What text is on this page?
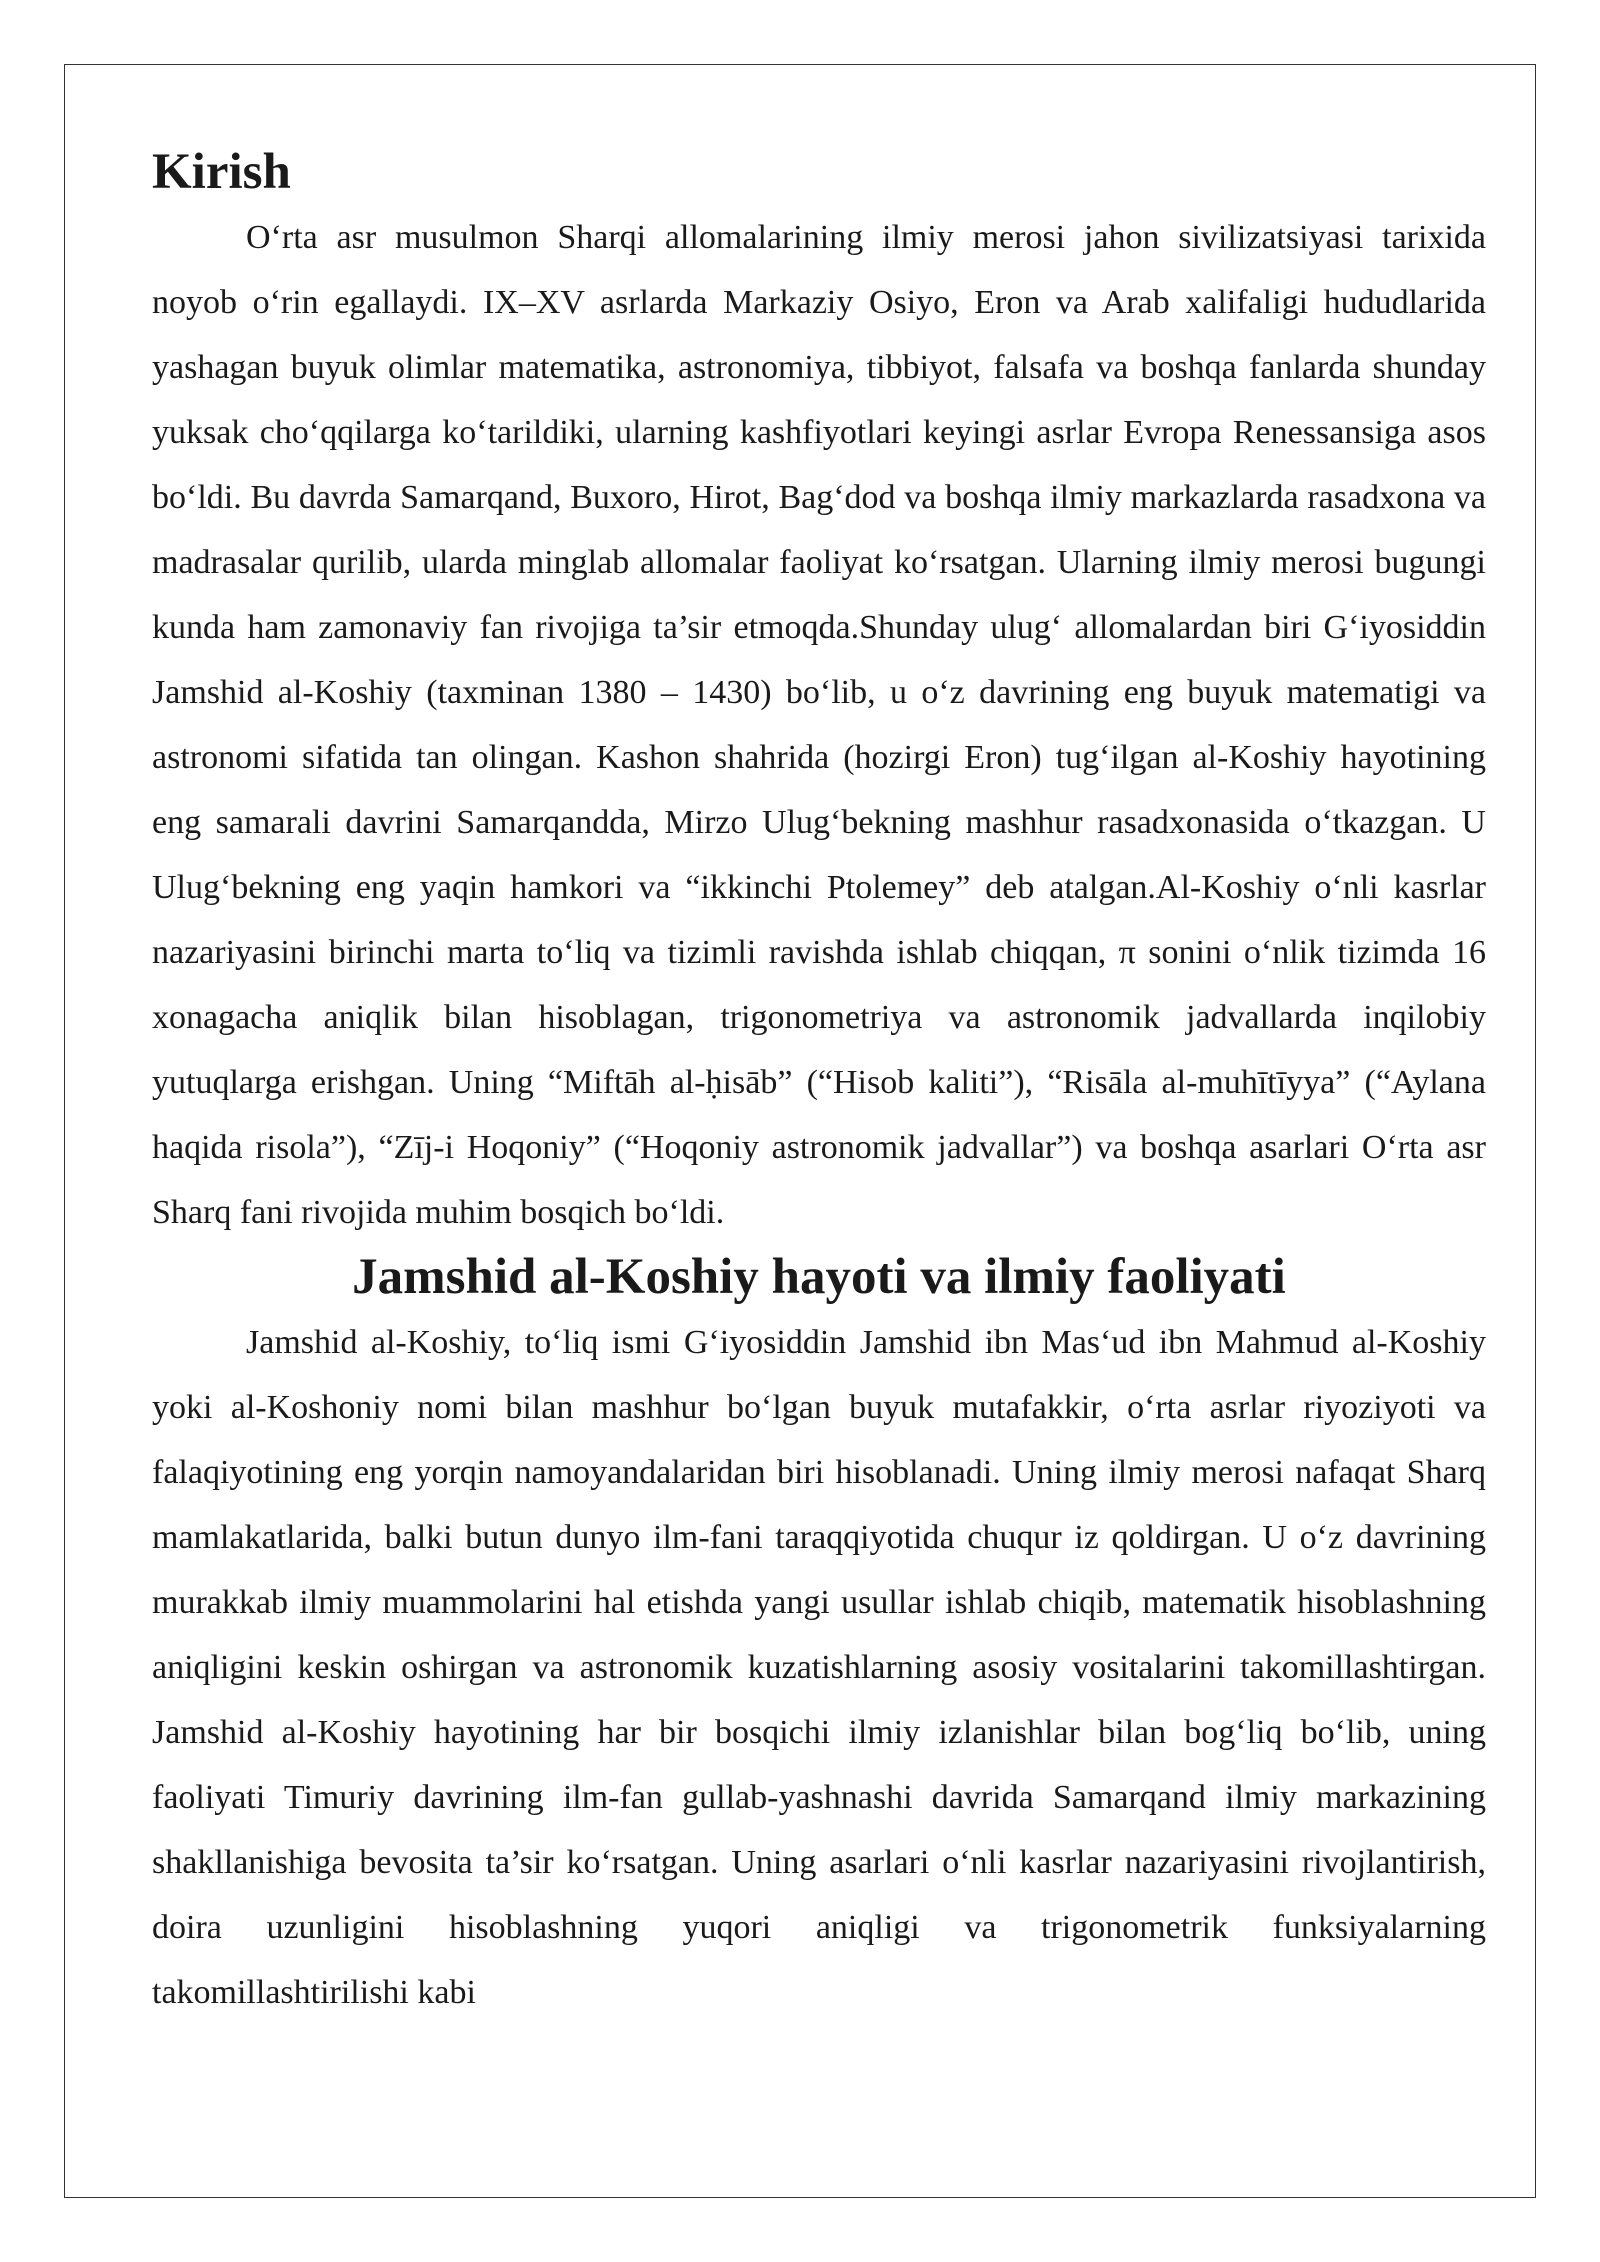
Kirish

O‘rta asr musulmon Sharqi allomalarining ilmiy merosi jahon sivilizatsiyasi tarixida noyob o‘rin egallaydi. IX–XV asrlarda Markaziy Osiyo, Eron va Arab xalifaligi hududlarida yashagan buyuk olimlar matematika, astronomiya, tibbiyot, falsafa va boshqa fanlarda shunday yuksak cho‘qqilarga ko‘tarildiki, ularning kashfiyotlari keyingi asrlar Evropa Renessansiga asos bo‘ldi. Bu davrda Samarqand, Buxoro, Hirot, Bag‘dod va boshqa ilmiy markazlarda rasadxona va madrasalar qurilib, ularda minglab allomalar faoliyat ko‘rsatgan. Ularning ilmiy merosi bugungi kunda ham zamonaviy fan rivojiga ta’sir etmoqda.Shunday ulug‘ allomalardan biri G‘iyosiddin Jamshid al-Koshiy (taxminan 1380 – 1430) bo‘lib, u o‘z davrining eng buyuk matematigi va astronomi sifatida tan olingan. Kashon shahrida (hozirgi Eron) tug‘ilgan al-Koshiy hayotining eng samarali davrini Samarqandda, Mirzo Ulug‘bekning mashhur rasadxonasida o‘tkazgan. U Ulug‘bekning eng yaqin hamkori va “ikkinchi Ptolemey” deb atalgan.Al-Koshiy o‘nli kasrlar nazariyasini birinchi marta to‘liq va tizimli ravishda ishlab chiqqan, π sonini o‘nlik tizimda 16 xonagacha aniqlik bilan hisoblagan, trigonometriya va astronomik jadvallarda inqilobiy yutuqlarga erishgan. Uning “Miftāh al-ḥisāb” (“Hisob kaliti”), “Risāla al-muhītīyya” (“Aylana haqida risola”), “Zīj-i Hoqoniy” (“Hoqoniy astronomik jadvallar”) va boshqa asarlari O‘rta asr Sharq fani rivojida muhim bosqich bo‘ldi.

Jamshid al-Koshiy hayoti va ilmiy faoliyati

Jamshid al-Koshiy, to‘liq ismi G‘iyosiddin Jamshid ibn Mas‘ud ibn Mahmud al-Koshiy yoki al-Koshoniy nomi bilan mashhur bo‘lgan buyuk mutafakkir, o‘rta asrlar riyoziyoti va falaqiyotining eng yorqin namoyandalaridan biri hisoblanadi. Uning ilmiy merosi nafaqat Sharq mamlakatlarida, balki butun dunyo ilm-fani taraqqiyotida chuqur iz qoldirgan. U o‘z davrining murakkab ilmiy muammolarini hal etishda yangi usullar ishlab chiqib, matematik hisoblashning aniqligini keskin oshirgan va astronomik kuzatishlarning asosiy vositalarini takomillashtirgan. Jamshid al-Koshiy hayotining har bir bosqichi ilmiy izlanishlar bilan bog‘liq bo‘lib, uning faoliyati Timuriy davrining ilm-fan gullab-yashnashi davrida Samarqand ilmiy markazining shakllanishiga bevosita ta’sir ko‘rsatgan. Uning asarlari o‘nli kasrlar nazariyasini rivojlantirish, doira uzunligini hisoblashning yuqori aniqligi va trigonometrik funksiyalarning takomillashtirilishi kabi
